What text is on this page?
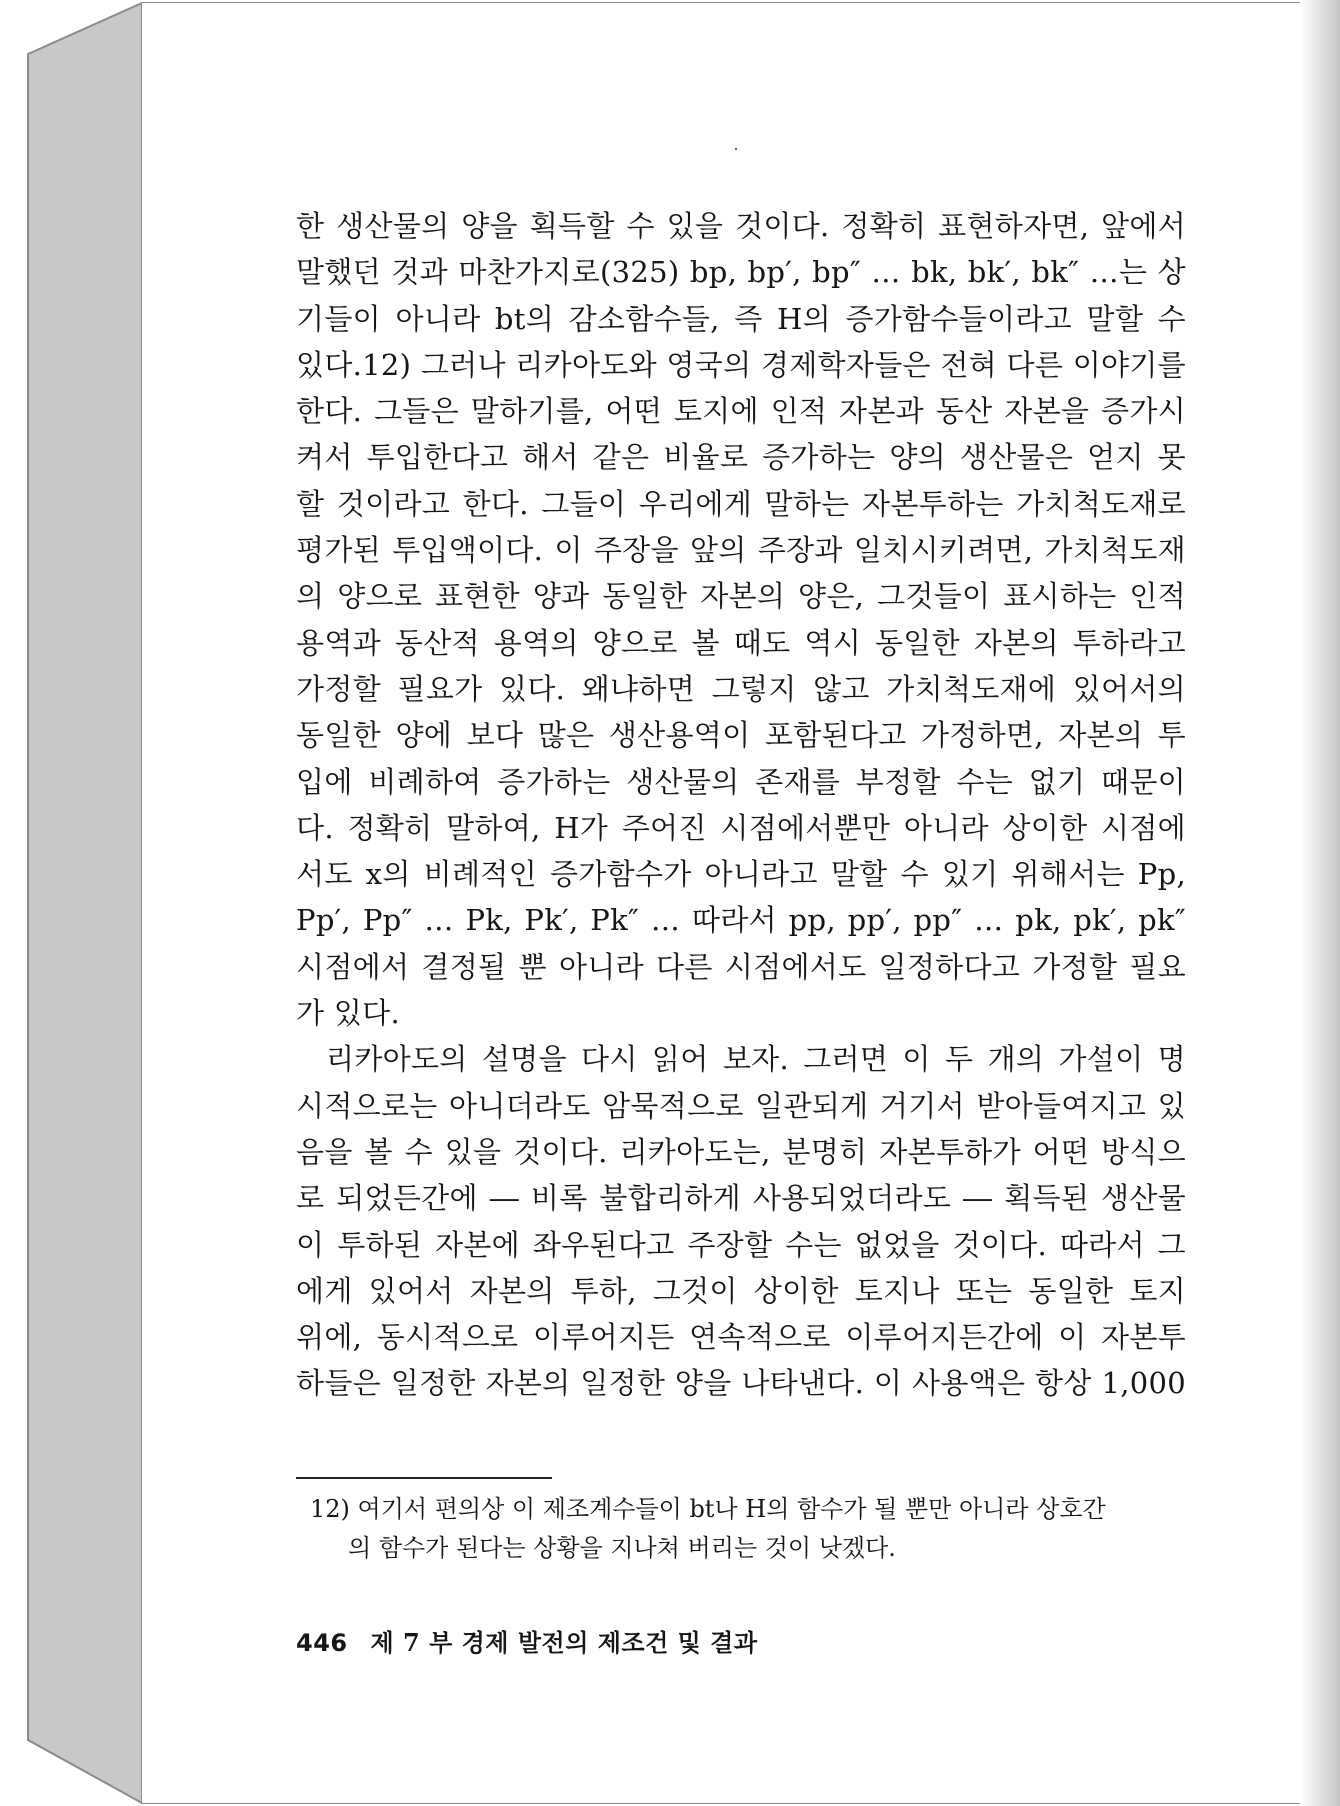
한 생산물의 양을 획득할 수 있을 것이다. 정확히 표현하자면, 앞에서
말했던 것과 마찬가지로(325) bp, bp′, bp″ … bk, bk′, bk″ …는 상
기들이 아니라 bt의 감소함수들, 즉 H의 증가함수들이라고 말할 수
있다.12) 그러나 리카아도와 영국의 경제학자들은 전혀 다른 이야기를
한다. 그들은 말하기를, 어떤 토지에 인적 자본과 동산 자본을 증가시
켜서 투입한다고 해서 같은 비율로 증가하는 양의 생산물은 얻지 못
할 것이라고 한다. 그들이 우리에게 말하는 자본투하는 가치척도재로
평가된 투입액이다. 이 주장을 앞의 주장과 일치시키려면, 가치척도재
의 양으로 표현한 양과 동일한 자본의 양은, 그것들이 표시하는 인적
용역과 동산적 용역의 양으로 볼 때도 역시 동일한 자본의 투하라고
가정할 필요가 있다. 왜냐하면 그렇지 않고 가치척도재에 있어서의
동일한 양에 보다 많은 생산용역이 포함된다고 가정하면, 자본의 투
입에 비례하여 증가하는 생산물의 존재를 부정할 수는 없기 때문이
다. 정확히 말하여, H가 주어진 시점에서뿐만 아니라 상이한 시점에
서도 x의 비례적인 증가함수가 아니라고 말할 수 있기 위해서는 Pp,
Pp′, Pp″ … Pk, Pk′, Pk″ … 따라서 pp, pp′, pp″ … pk, pk′, pk″
시점에서 결정될 뿐 아니라 다른 시점에서도 일정하다고 가정할 필요
가 있다.
리카아도의 설명을 다시 읽어 보자. 그러면 이 두 개의 가설이 명
시적으로는 아니더라도 암묵적으로 일관되게 거기서 받아들여지고 있
음을 볼 수 있을 것이다. 리카아도는, 분명히 자본투하가 어떤 방식으
로 되었든간에 ― 비록 불합리하게 사용되었더라도 ― 획득된 생산물
이 투하된 자본에 좌우된다고 주장할 수는 없었을 것이다. 따라서 그
에게 있어서 자본의 투하, 그것이 상이한 토지나 또는 동일한 토지
위에, 동시적으로 이루어지든 연속적으로 이루어지든간에 이 자본투
하들은 일정한 자본의 일정한 양을 나타낸다. 이 사용액은 항상 1,000
12) 여기서 편의상 이 제조계수들이 bt나 H의 함수가 될 뿐만 아니라 상호간
의 함수가 된다는 상황을 지나쳐 버리는 것이 낫겠다.
446 제 7 부 경제 발전의 제조건 및 결과
